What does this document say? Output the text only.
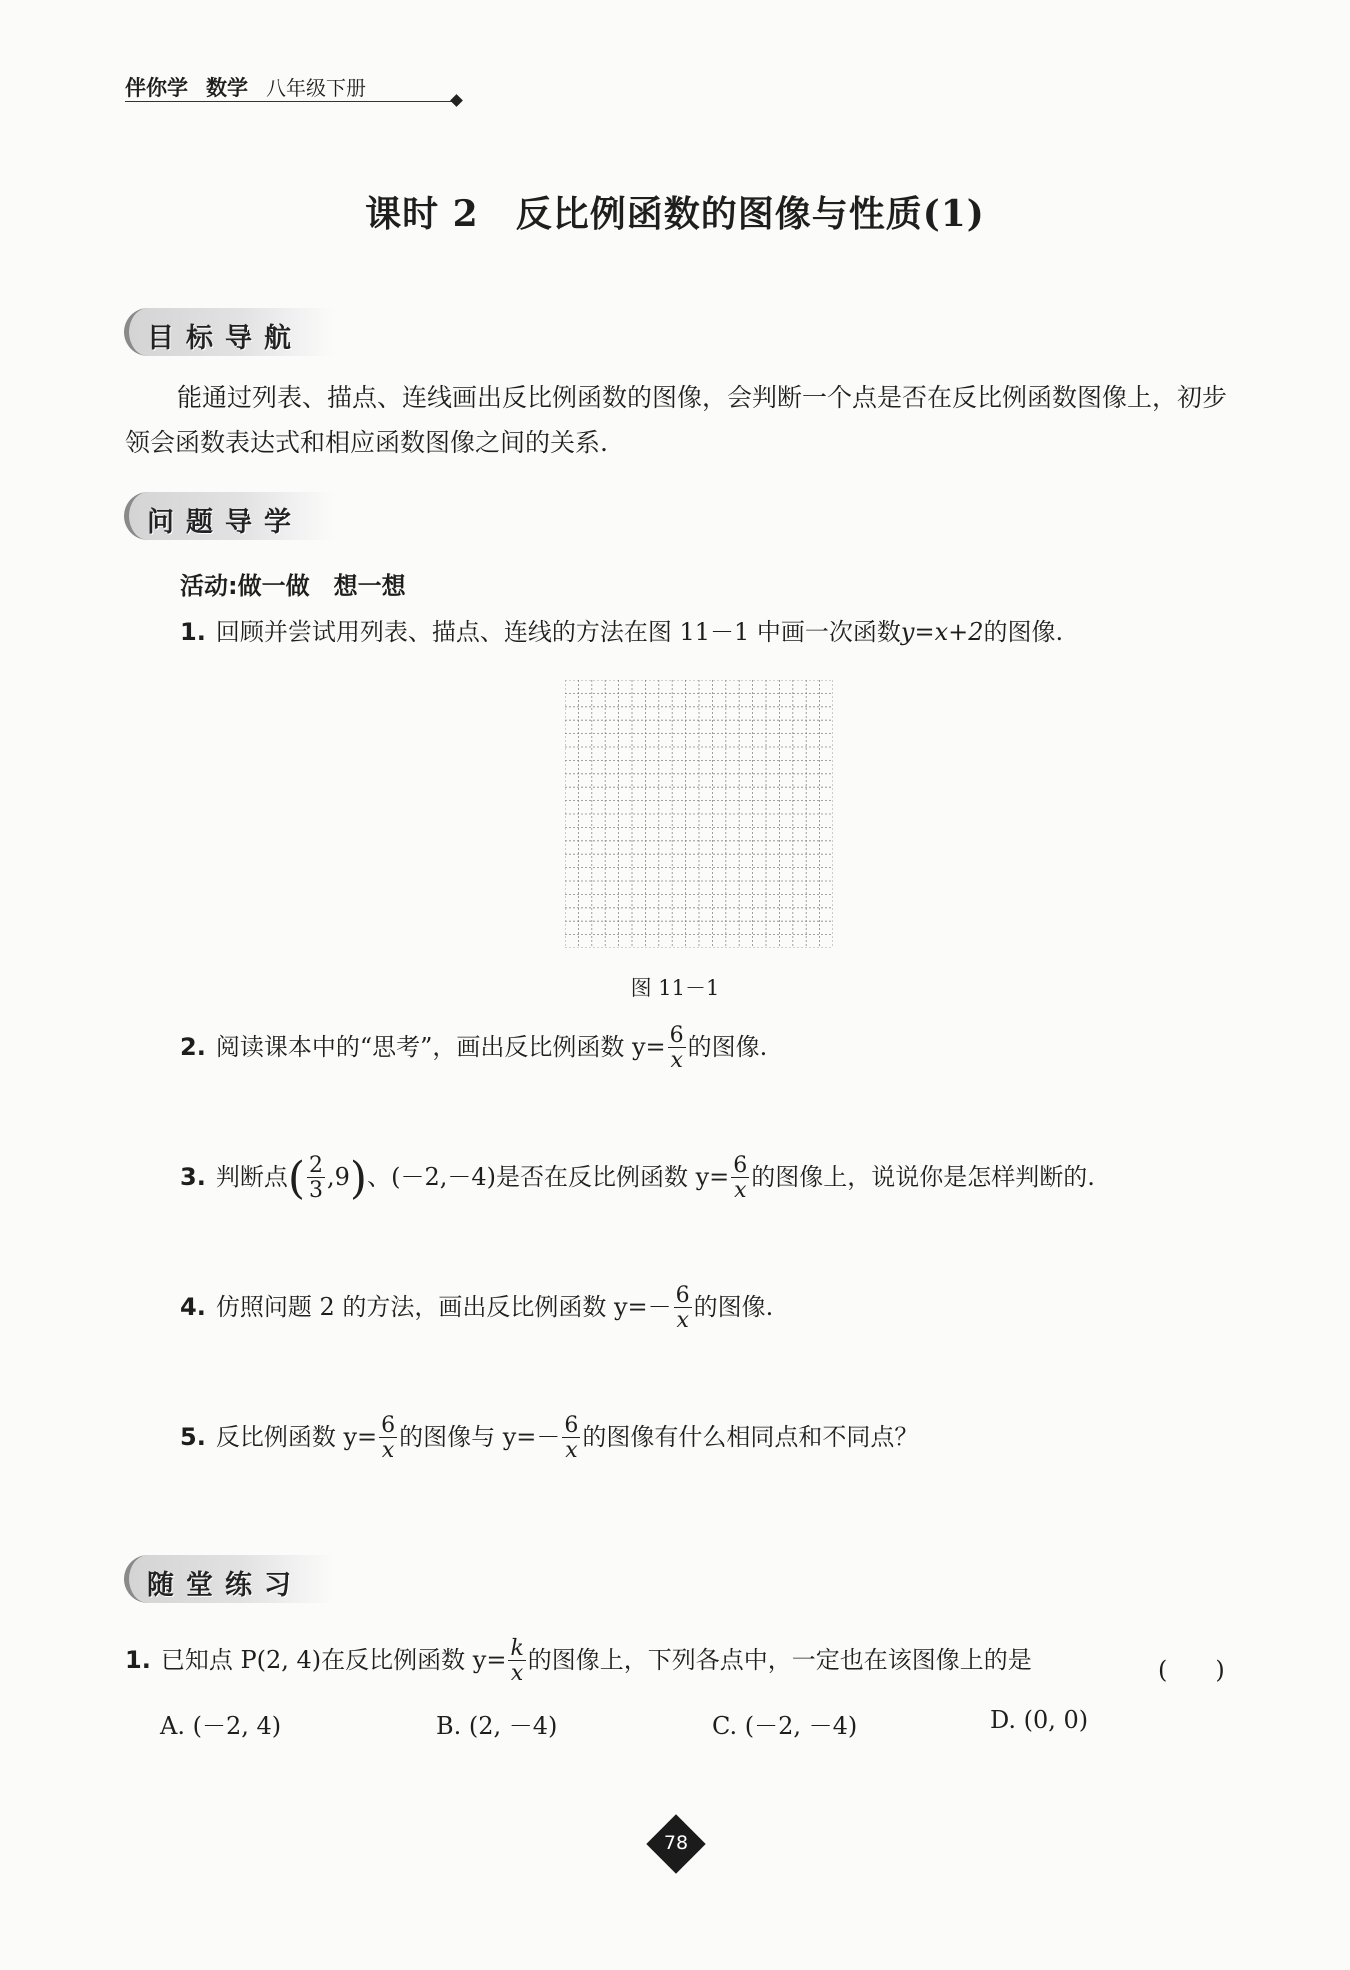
伴你学 数学 八年级下册
课时 2　反比例函数的图像与性质(1)
目标导航
能通过列表、描点、连线画出反比例函数的图像，会判断一个点是否在反比例函数图像上，初步领会函数表达式和相应函数图像之间的关系.
问题导学
活动:做一做　想一想
1. 回顾并尝试用列表、描点、连线的方法在图 11－1 中画一次函数y=x+2的图像.
图 11－1
2. 阅读课本中的“思考”，画出反比例函数 $y= \frac{6}{x}$ 的图像.
3. 判断点( $\frac{2}{3} ,9$)、(－2,－4)是否在反比例函数 $y= \frac{6}{x}$ 的图像上，说说你是怎样判断的.
4. 仿照问题 2 的方法，画出反比例函数 $y=- \frac{6}{x}$ 的图像.
5. 反比例函数 $y= \frac{6}{x}$ 的图像与 $y=- \frac{6}{x}$ 的图像有什么相同点和不同点？
随堂练习
1. 已知点 P(2, 4)在反比例函数 $y= \frac{k}{x}$ 的图像上，下列各点中，一定也在该图像上的是	(　　)
A. (－2, 4)	B. (2, －4)	C. (－2, －4)	D. (0, 0)
78
